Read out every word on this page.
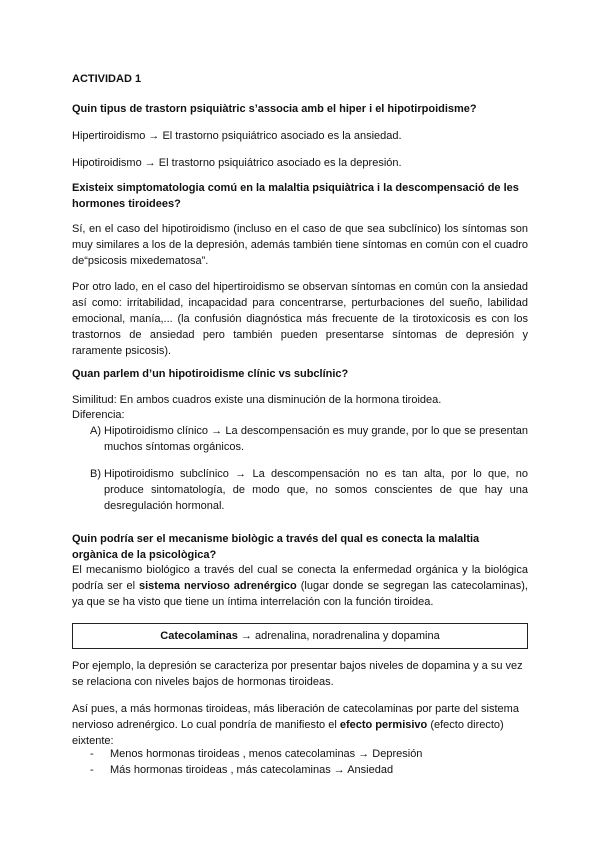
ACTIVIDAD 1

Quin tipus de trastorn psiquiàtric s’associa amb el hiper i el hipotirpoidisme?

Hipertiroidismo → El trastorno psiquiátrico asociado es la ansiedad.

Hipotiroidismo → El trastorno psiquiátrico asociado es la depresión.

Existeix simptomatologia comú en la malaltia psiquiàtrica i la descompensació de les hormones tiroidees?

Sí, en el caso del hipotiroidismo (incluso en el caso de que sea subclínico) los síntomas son muy similares a los de la depresión, además también tiene síntomas en común con el cuadro de“psicosis mixedematosa”.

Por otro lado, en el caso del hipertiroidismo se observan síntomas en común con la ansiedad así como: irritabilidad, incapacidad para concentrarse, perturbaciones del sueño, labilidad emocional, manía,... (la confusión diagnóstica más frecuente de la tirotoxicosis es con los trastornos de ansiedad pero también pueden presentarse síntomas de depresión y raramente psicosis).

Quan parlem d’un hipotiroidisme clínic vs subclínic?

Similitud: En ambos cuadros existe una disminución de la hormona tiroidea.

Diferencia:

A) Hipotiroidismo clínico → La descompensación es muy grande, por lo que se presentan muchos síntomas orgánicos.
B) Hipotiroidismo subclínico → La descompensación no es tan alta, por lo que, no produce sintomatología, de modo que, no somos conscientes de que hay una desregulación hormonal.

Quin podría ser el mecanisme biològic a través del qual es conecta la malaltia orgànica de la psicològica?

El mecanismo biológico a través del cual se conecta la enfermedad orgánica y la biológica podría ser el sistema nervioso adrenérgico (lugar donde se segregan las catecolaminas), ya que se ha visto que tiene un íntima interrelación con la función tiroidea.

Catecolaminas → adrenalina, noradrenalina y dopamina

Por ejemplo, la depresión se caracteriza por presentar bajos niveles de dopamina y a su vez se relaciona con niveles bajos de hormonas tiroideas.

Así pues, a más hormonas tiroideas, más liberación de catecolaminas por parte del sistema nervioso adrenérgico. Lo cual pondría de manifiesto el efecto permisivo (efecto directo) eixtente:

- Menos hormonas tiroideas , menos catecolaminas → Depresión
- Más hormonas tiroideas , más catecolaminas → Ansiedad
